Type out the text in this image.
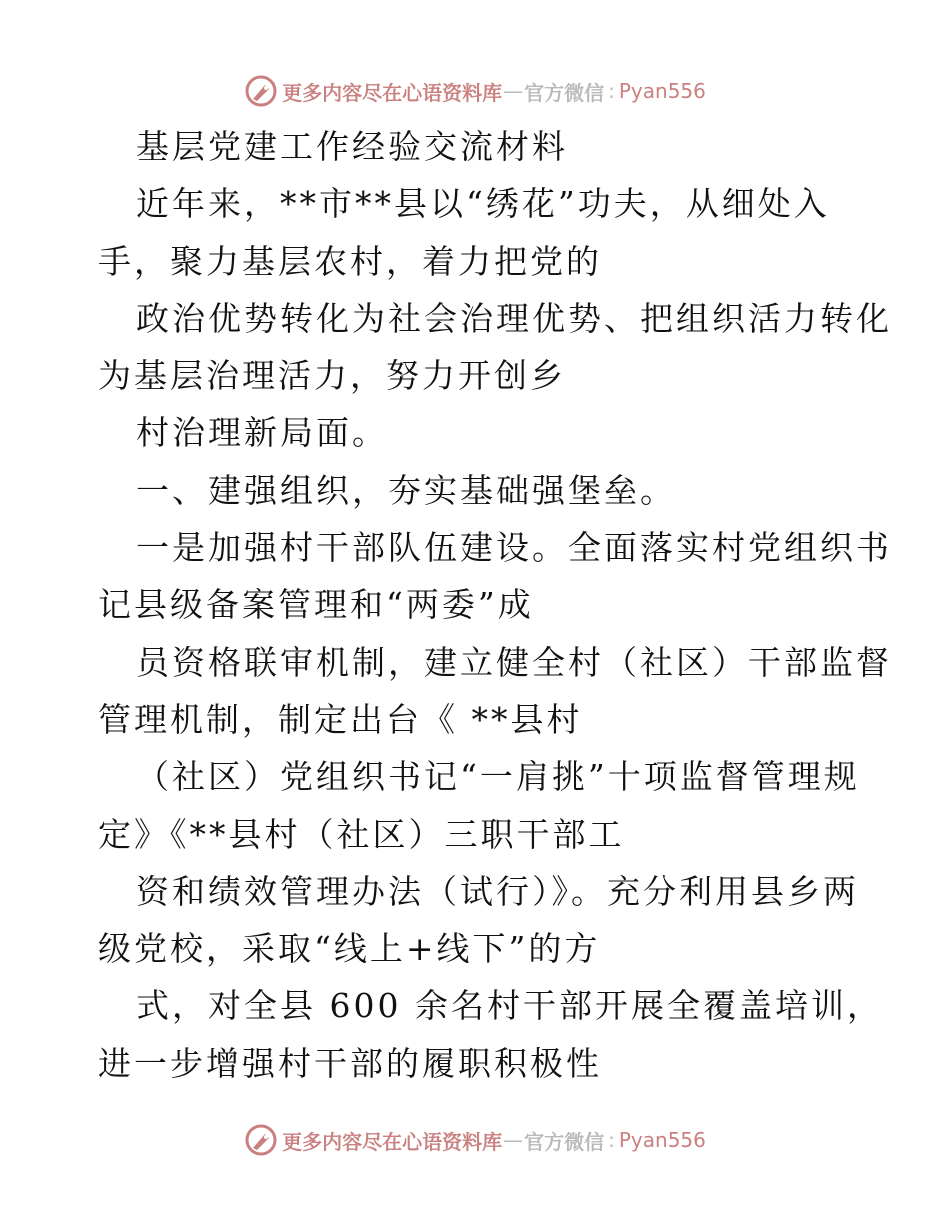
更多内容尽在心语资料库 — 官方微信 : Pyan556
基层党建工作经验交流材料
近年来，**市**县以“绣花”功夫，从细处入
手，聚力基层农村，着力把党的
政治优势转化为社会治理优势、把组织活力转化
为基层治理活力，努力开创乡
村治理新局面。
一、建强组织，夯实基础强堡垒。
一是加强村干部队伍建设。全面落实村党组织书
记县级备案管理和“两委”成
员资格联审机制，建立健全村（社区）干部监督
管理机制，制定出台《 **县村
（社区）党组织书记“一肩挑”十项监督管理规
定》《**县村（社区）三职干部工
资和绩效管理办法（试行）》。充分利用县乡两
级党校，采取“线上+线下”的方
式，对全县 600 余名村干部开展全覆盖培训，
进一步增强村干部的履职积极性
更多内容尽在心语资料库 — 官方微信 : Pyan556
